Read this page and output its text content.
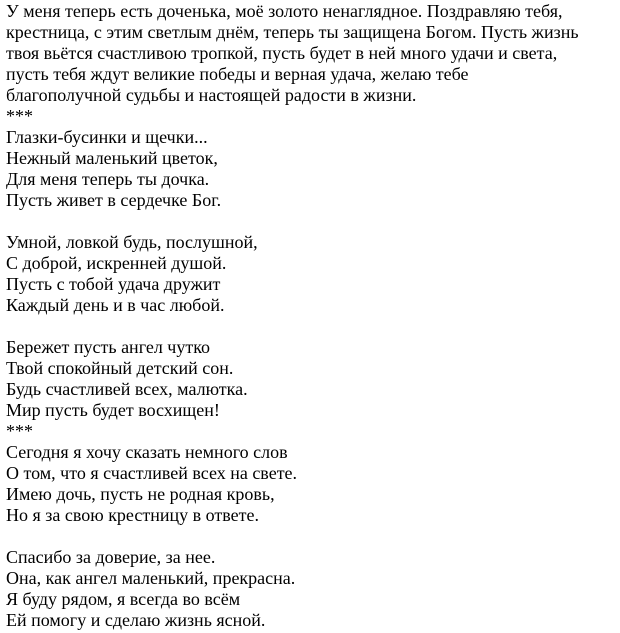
У меня теперь есть доченька, моё золото ненаглядное. Поздравляю тебя,
крестница, с этим светлым днём, теперь ты защищена Богом. Пусть жизнь
твоя вьётся счастливою тропкой, пусть будет в ней много удачи и света,
пусть тебя ждут великие победы и верная удача, желаю тебе
благополучной судьбы и настоящей радости в жизни.
***
Глазки-бусинки и щечки...
Нежный маленький цветок,
Для меня теперь ты дочка.
Пусть живет в сердечке Бог.
Умной, ловкой будь, послушной,
С доброй, искренней душой.
Пусть с тобой удача дружит
Каждый день и в час любой.
Бережет пусть ангел чутко
Твой спокойный детский сон.
Будь счастливей всех, малютка.
Мир пусть будет восхищен!
***
Сегодня я хочу сказать немного слов
О том, что я счастливей всех на свете.
Имею дочь, пусть не родная кровь,
Но я за свою крестницу в ответе.
Спасибо за доверие, за нее.
Она, как ангел маленький, прекрасна.
Я буду рядом, я всегда во всём
Ей помогу и сделаю жизнь ясной.
